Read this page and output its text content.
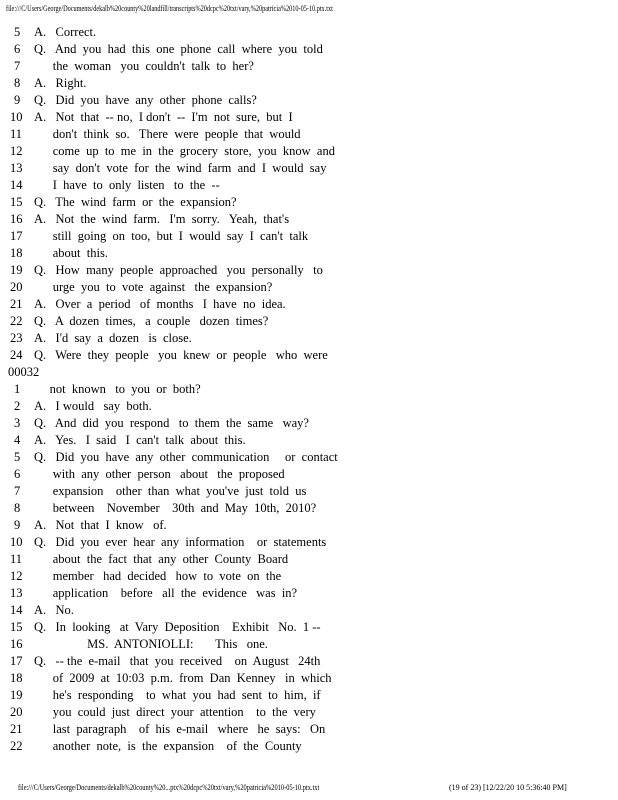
file:///C/Users/George/Documents/dekalb%20county%20landfill/transcripts%20dcpc%20txt/vary,%20patricia%2010-05-10.ptx.txt
5	A.   Correct.
6	Q.   And  you  had  this  one  phone  call  where  you  told
7	the  woman   you  couldn't  talk  to  her?
8	A.   Right.
9	Q.   Did  you  have  any  other  phone  calls?
10 A.   Not  that  -- no,  I don't  --  I'm  not  sure,  but  I
11 don't  think  so.   There  were  people  that  would
12 come  up  to  me  in  the  grocery  store,  you  know  and
13 say  don't  vote  for  the  wind  farm  and  I  would  say
14 I  have  to  only  listen   to  the  --
15 Q.   The  wind  farm  or  the  expansion?
16 A.   Not  the  wind  farm.   I'm  sorry.   Yeah,  that's
17 still  going  on  too,  but  I  would  say  I  can't  talk
18 about  this.
19 Q.   How  many  people  approached   you  personally   to
20 urge  you  to  vote  against   the  expansion?
21 A.   Over  a  period   of  months   I  have  no  idea.
22 Q.   A  dozen  times,   a  couple   dozen  times?
23 A.   I'd  say  a  dozen   is  close.
24 Q.   Were  they  people   you  knew  or  people   who  were
00032
1	not  known   to  you  or  both?
2	A.   I would   say  both.
3	Q.   And  did  you  respond   to  them  the  same   way?
4	A.   Yes.   I  said   I  can't  talk  about  this.
5	Q.   Did  you  have  any  other  communication     or  contact
6	with  any  other  person   about   the  proposed
7	expansion    other  than  what  you've  just  told  us
8	between    November    30th  and  May  10th,  2010?
9	A.   Not  that  I  know   of.
10 Q.   Did  you  ever  hear  any  information    or  statements
11 about  the  fact  that  any  other  County  Board
12 member   had  decided   how  to  vote  on  the
13 application    before   all  the  evidence   was  in?
14 A.   No.
15 Q.   In  looking   at  Vary  Deposition    Exhibit   No.  1 --
16 MS.  ANTONIOLLI:       This   one.
17 Q.   -- the  e-mail   that  you  received    on  August   24th
18 of  2009  at  10:03  p.m.  from  Dan  Kenney   in  which
19 he's  responding    to  what  you  had  sent  to  him,  if
20 you  could  just  direct  your  attention    to  the  very
21 last  paragraph    of  his  e-mail   where   he  says:   On
22 another  note,  is  the  expansion    of  the  County
file:///C/Users/George/Documents/dekalb%20county%20...ptx%20dcpc%20txt/vary,%20patricia%2010-05-10.ptx.txt	(19 of 23) [12/22/20 10 5:36:40 PM]
